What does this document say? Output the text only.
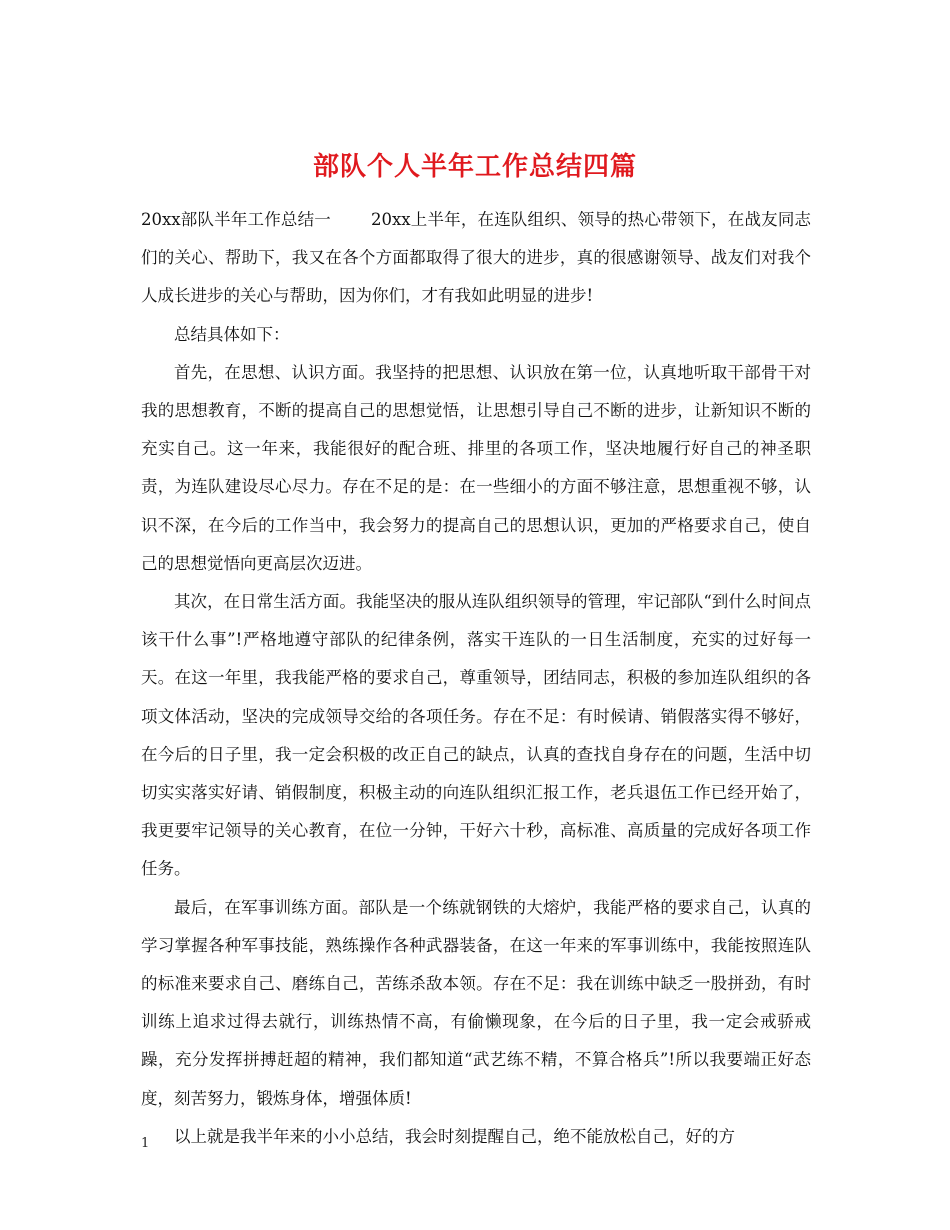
部队个人半年工作总结四篇

20xx部队半年工作总结一 20xx上半年，在连队组织、领导的热心带领下，在战友同志们的关心、帮助下，我又在各个方面都取得了很大的进步，真的很感谢领导、战友们对我个人成长进步的关心与帮助，因为你们，才有我如此明显的进步!

总结具体如下：

首先，在思想、认识方面。我坚持的把思想、认识放在第一位，认真地听取干部骨干对我的思想教育，不断的提高自己的思想觉悟，让思想引导自己不断的进步，让新知识不断的充实自己。这一年来，我能很好的配合班、排里的各项工作，坚决地履行好自己的神圣职责，为连队建设尽心尽力。存在不足的是：在一些细小的方面不够注意，思想重视不够，认识不深，在今后的工作当中，我会努力的提高自己的思想认识，更加的严格要求自己，使自己的思想觉悟向更高层次迈进。

其次，在日常生活方面。我能坚决的服从连队组织领导的管理，牢记部队“到什么时间点该干什么事”!严格地遵守部队的纪律条例，落实干连队的一日生活制度，充实的过好每一天。在这一年里，我我能严格的要求自己，尊重领导，团结同志，积极的参加连队组织的各项文体活动，坚决的完成领导交给的各项任务。存在不足：有时候请、销假落实得不够好，在今后的日子里，我一定会积极的改正自己的缺点，认真的查找自身存在的问题，生活中切切实实落实好请、销假制度，积极主动的向连队组织汇报工作，老兵退伍工作已经开始了，我更要牢记领导的关心教育，在位一分钟，干好六十秒，高标准、高质量的完成好各项工作任务。

最后，在军事训练方面。部队是一个练就钢铁的大熔炉，我能严格的要求自己，认真的学习掌握各种军事技能，熟练操作各种武器装备，在这一年来的军事训练中，我能按照连队的标准来要求自己、磨练自己，苦练杀敌本领。存在不足：我在训练中缺乏一股拼劲，有时训练上追求过得去就行，训练热情不高，有偷懒现象，在今后的日子里，我一定会戒骄戒躁，充分发挥拼搏赶超的精神，我们都知道“武艺练不精，不算合格兵”!所以我要端正好态度，刻苦努力，锻炼身体，增强体质!

以上就是我半年来的小小总结，我会时刻提醒自己，绝不能放松自己，好的方

1
